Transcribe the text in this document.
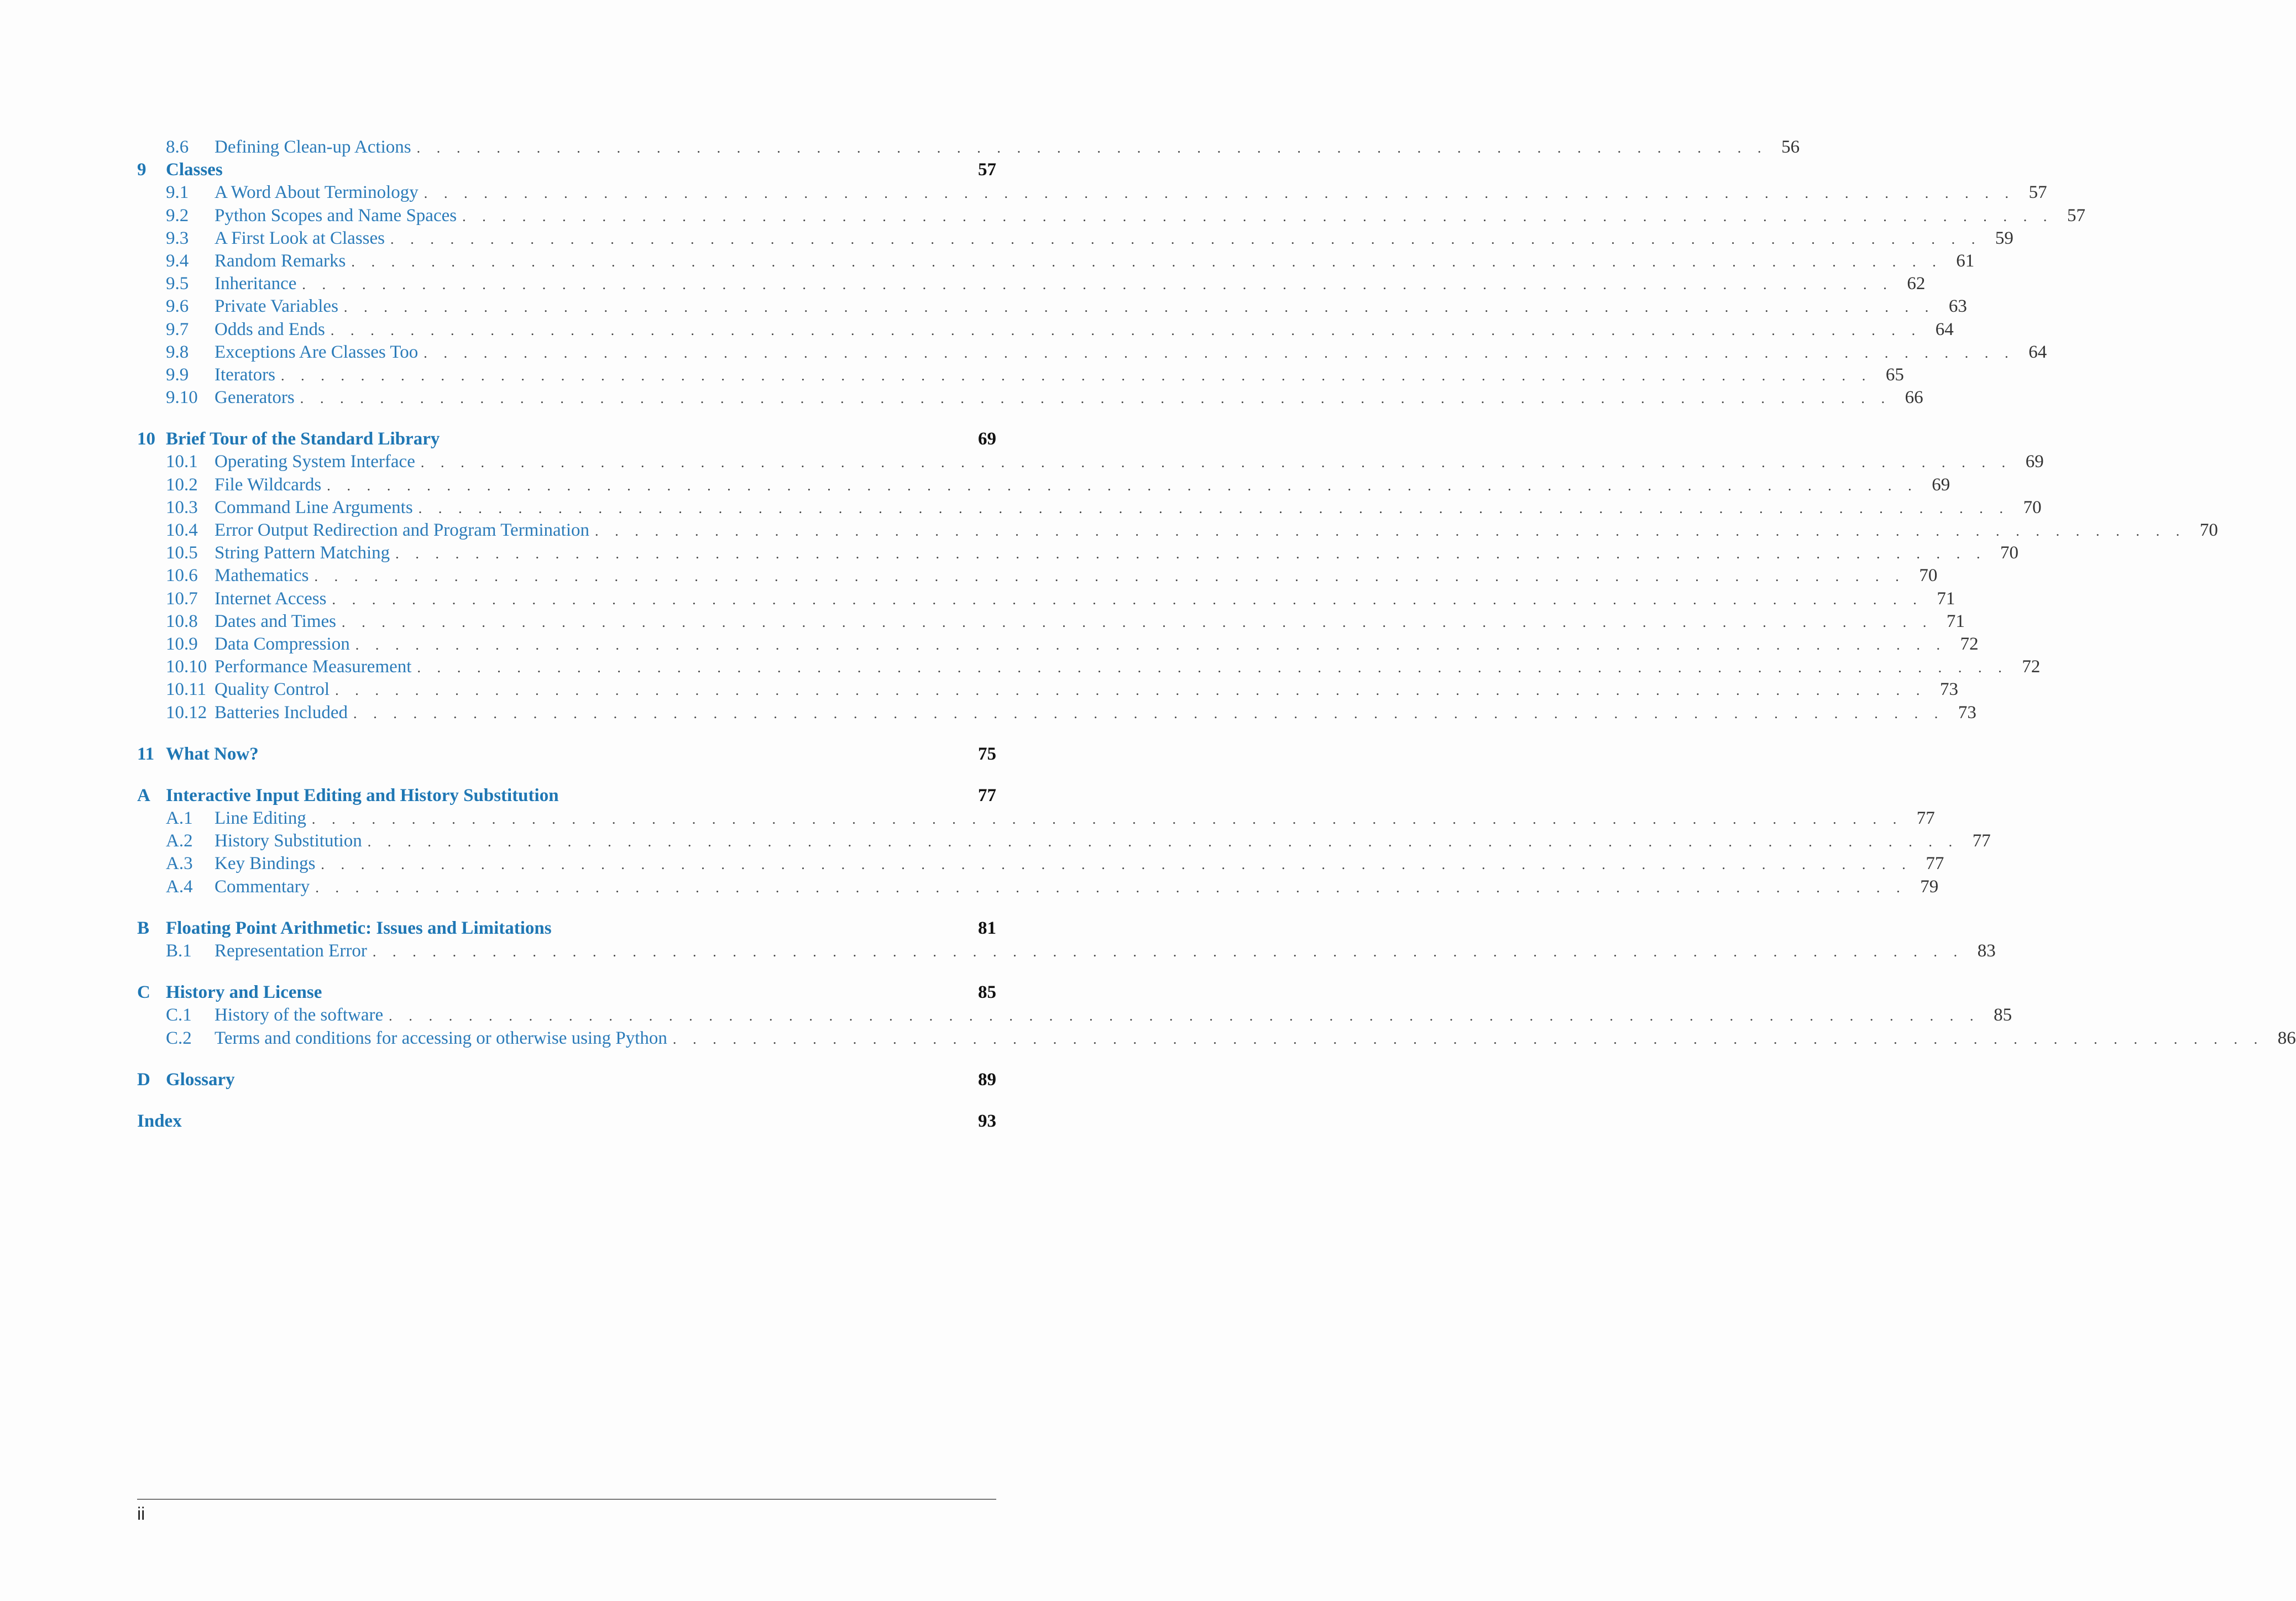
8.6	Defining Clean-up Actions . . . . . . . . . . . . . . . . . . . . . . . . . . . . . . . . . . . . . . . . . . . . . . . . . . . . . . . . . . . . . . . . . . . . 56
9	Classes	57
9.1	A Word About Terminology . . . . . . . . . . . . . . . . . . . . . . . . . . . . . . . . . . . . . . . . . . . . . . . . . . . . . . . . . . . . . . . . . . . . . . . . . . . . . . . . 57
9.2	Python Scopes and Name Spaces . . . . . . . . . . . . . . . . . . . . . . . . . . . . . . . . . . . . . . . . . . . . . . . . . . . . . . . . . . . . . . . . . . . . . . . . . . . . . . . . 57
9.3	A First Look at Classes . . . . . . . . . . . . . . . . . . . . . . . . . . . . . . . . . . . . . . . . . . . . . . . . . . . . . . . . . . . . . . . . . . . . . . . . . . . . . . . . 59
9.4	Random Remarks . . . . . . . . . . . . . . . . . . . . . . . . . . . . . . . . . . . . . . . . . . . . . . . . . . . . . . . . . . . . . . . . . . . . . . . . . . . . . . . . 61
9.5	Inheritance . . . . . . . . . . . . . . . . . . . . . . . . . . . . . . . . . . . . . . . . . . . . . . . . . . . . . . . . . . . . . . . . . . . . . . . . . . . . . . . . 62
9.6	Private Variables . . . . . . . . . . . . . . . . . . . . . . . . . . . . . . . . . . . . . . . . . . . . . . . . . . . . . . . . . . . . . . . . . . . . . . . . . . . . . . . . 63
9.7	Odds and Ends . . . . . . . . . . . . . . . . . . . . . . . . . . . . . . . . . . . . . . . . . . . . . . . . . . . . . . . . . . . . . . . . . . . . . . . . . . . . . . . . 64
9.8	Exceptions Are Classes Too . . . . . . . . . . . . . . . . . . . . . . . . . . . . . . . . . . . . . . . . . . . . . . . . . . . . . . . . . . . . . . . . . . . . . . . . . . . . . . . . 64
9.9	Iterators . . . . . . . . . . . . . . . . . . . . . . . . . . . . . . . . . . . . . . . . . . . . . . . . . . . . . . . . . . . . . . . . . . . . . . . . . . . . . . . . 65
9.10 Generators . . . . . . . . . . . . . . . . . . . . . . . . . . . . . . . . . . . . . . . . . . . . . . . . . . . . . . . . . . . . . . . . . . . . . . . . . . . . . . . . 66
10 Brief Tour of the Standard Library	69
10.1 Operating System Interface . . . . . . . . . . . . . . . . . . . . . . . . . . . . . . . . . . . . . . . . . . . . . . . . . . . . . . . . . . . . . . . . . . . . . . . . . . . . . . . . 69
10.2 File Wildcards . . . . . . . . . . . . . . . . . . . . . . . . . . . . . . . . . . . . . . . . . . . . . . . . . . . . . . . . . . . . . . . . . . . . . . . . . . . . . . . . 69
10.3 Command Line Arguments . . . . . . . . . . . . . . . . . . . . . . . . . . . . . . . . . . . . . . . . . . . . . . . . . . . . . . . . . . . . . . . . . . . . . . . . . . . . . . . . 70
10.4 Error Output Redirection and Program Termination . . . . . . . . . . . . . . . . . . . . . . . . . . . . . . . . . . . . . . . . . . . . . . . . . . . . . . . . . . . . . . . . . . . . . . . . . . . . . . . . 70
10.5 String Pattern Matching . . . . . . . . . . . . . . . . . . . . . . . . . . . . . . . . . . . . . . . . . . . . . . . . . . . . . . . . . . . . . . . . . . . . . . . . . . . . . . . . 70
10.6 Mathematics . . . . . . . . . . . . . . . . . . . . . . . . . . . . . . . . . . . . . . . . . . . . . . . . . . . . . . . . . . . . . . . . . . . . . . . . . . . . . . . . 70
10.7 Internet Access . . . . . . . . . . . . . . . . . . . . . . . . . . . . . . . . . . . . . . . . . . . . . . . . . . . . . . . . . . . . . . . . . . . . . . . . . . . . . . . . 71
10.8 Dates and Times . . . . . . . . . . . . . . . . . . . . . . . . . . . . . . . . . . . . . . . . . . . . . . . . . . . . . . . . . . . . . . . . . . . . . . . . . . . . . . . . 71
10.9 Data Compression . . . . . . . . . . . . . . . . . . . . . . . . . . . . . . . . . . . . . . . . . . . . . . . . . . . . . . . . . . . . . . . . . . . . . . . . . . . . . . . . 72
10.10 Performance Measurement . . . . . . . . . . . . . . . . . . . . . . . . . . . . . . . . . . . . . . . . . . . . . . . . . . . . . . . . . . . . . . . . . . . . . . . . . . . . . . . . 72
10.11 Quality Control . . . . . . . . . . . . . . . . . . . . . . . . . . . . . . . . . . . . . . . . . . . . . . . . . . . . . . . . . . . . . . . . . . . . . . . . . . . . . . . . 73
10.12 Batteries Included . . . . . . . . . . . . . . . . . . . . . . . . . . . . . . . . . . . . . . . . . . . . . . . . . . . . . . . . . . . . . . . . . . . . . . . . . . . . . . . . 73
11 What Now?	75
A Interactive Input Editing and History Substitution	77
A.1	Line Editing . . . . . . . . . . . . . . . . . . . . . . . . . . . . . . . . . . . . . . . . . . . . . . . . . . . . . . . . . . . . . . . . . . . . . . . . . . . . . . . . 77
A.2	History Substitution . . . . . . . . . . . . . . . . . . . . . . . . . . . . . . . . . . . . . . . . . . . . . . . . . . . . . . . . . . . . . . . . . . . . . . . . . . . . . . . . 77
A.3	Key Bindings . . . . . . . . . . . . . . . . . . . . . . . . . . . . . . . . . . . . . . . . . . . . . . . . . . . . . . . . . . . . . . . . . . . . . . . . . . . . . . . . 77
A.4	Commentary . . . . . . . . . . . . . . . . . . . . . . . . . . . . . . . . . . . . . . . . . . . . . . . . . . . . . . . . . . . . . . . . . . . . . . . . . . . . . . . . 79
B Floating Point Arithmetic: Issues and Limitations	81
B.1	Representation Error . . . . . . . . . . . . . . . . . . . . . . . . . . . . . . . . . . . . . . . . . . . . . . . . . . . . . . . . . . . . . . . . . . . . . . . . . . . . . . . . 83
C History and License	85
C.1	History of the software . . . . . . . . . . . . . . . . . . . . . . . . . . . . . . . . . . . . . . . . . . . . . . . . . . . . . . . . . . . . . . . . . . . . . . . . . . . . . . . . 85
C.2	Terms and conditions for accessing or otherwise using Python . . . . . . . . . . . . . . . . . . . . . . . . . . . . . . . . . . . . . . . . . . . . . . . . . . . . . . . . . . . . . . . . . . . . . . . . . . . . . . . . 86
D Glossary	89
Index	93
ii
